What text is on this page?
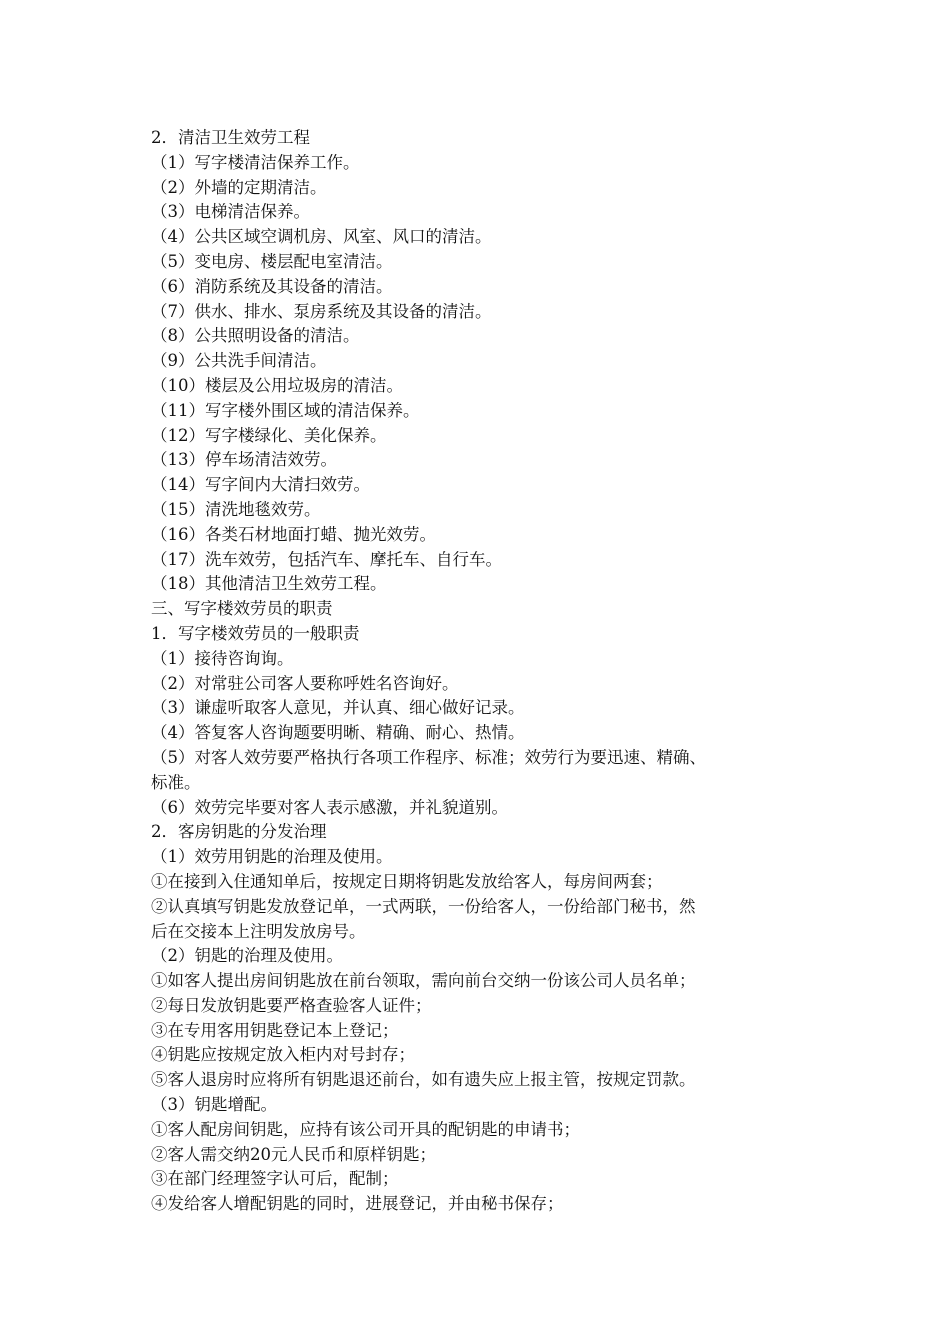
2．清洁卫生效劳工程
（1）写字楼清洁保养工作。
（2）外墙的定期清洁。
（3）电梯清洁保养。
（4）公共区域空调机房、风室、风口的清洁。
（5）变电房、楼层配电室清洁。
（6）消防系统及其设备的清洁。
（7）供水、排水、泵房系统及其设备的清洁。
（8）公共照明设备的清洁。
（9）公共洗手间清洁。
（10）楼层及公用垃圾房的清洁。
（11）写字楼外围区域的清洁保养。
（12）写字楼绿化、美化保养。
（13）停车场清洁效劳。
（14）写字间内大清扫效劳。
（15）清洗地毯效劳。
（16）各类石材地面打蜡、抛光效劳。
（17）洗车效劳，包括汽车、摩托车、自行车。
（18）其他清洁卫生效劳工程。
三、写字楼效劳员的职责
1．写字楼效劳员的一般职责
（1）接待咨询询。
（2）对常驻公司客人要称呼姓名咨询好。
（3）谦虚听取客人意见，并认真、细心做好记录。
（4）答复客人咨询题要明晰、精确、耐心、热情。
（5）对客人效劳要严格执行各项工作程序、标准；效劳行为要迅速、精确、
标准。
（6）效劳完毕要对客人表示感激，并礼貌道别。
2．客房钥匙的分发治理
（1）效劳用钥匙的治理及使用。
①在接到入住通知单后，按规定日期将钥匙发放给客人，每房间两套；
②认真填写钥匙发放登记单，一式两联，一份给客人，一份给部门秘书，然
后在交接本上注明发放房号。
（2）钥匙的治理及使用。
①如客人提出房间钥匙放在前台领取，需向前台交纳一份该公司人员名单；
②每日发放钥匙要严格查验客人证件；
③在专用客用钥匙登记本上登记；
④钥匙应按规定放入柜内对号封存；
⑤客人退房时应将所有钥匙退还前台，如有遗失应上报主管，按规定罚款。
（3）钥匙增配。
①客人配房间钥匙，应持有该公司开具的配钥匙的申请书；
②客人需交纳20元人民币和原样钥匙；
③在部门经理签字认可后，配制；
④发给客人增配钥匙的同时，进展登记，并由秘书保存；
